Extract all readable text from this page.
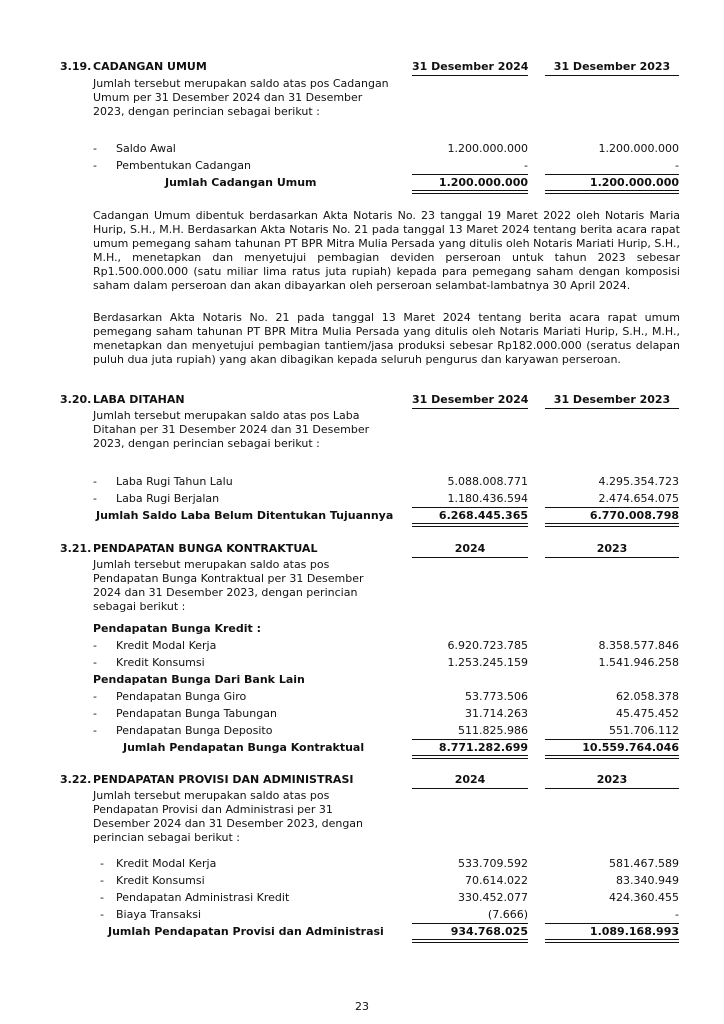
3.19. CADANGAN UMUM	31 Desember 2024	31 Desember 2023
Jumlah tersebut merupakan saldo atas pos Cadangan Umum per 31 Desember 2024 dan 31 Desember 2023, dengan perincian sebagai berikut :
- Saldo Awal	1.200.000.000	1.200.000.000
- Pembentukan Cadangan	-	-
Jumlah Cadangan Umum	1.200.000.000	1.200.000.000
Cadangan Umum dibentuk berdasarkan Akta Notaris No. 23 tanggal 19 Maret 2022 oleh Notaris Maria Hurip, S.H., M.H. Berdasarkan Akta Notaris No. 21 pada tanggal 13 Maret 2024 tentang berita acara rapat umum pemegang saham tahunan PT BPR Mitra Mulia Persada yang ditulis oleh Notaris Mariati Hurip, S.H., M.H., menetapkan dan menyetujui pembagian deviden perseroan untuk tahun 2023 sebesar Rp1.500.000.000 (satu miliar lima ratus juta rupiah) kepada para pemegang saham dengan komposisi saham dalam perseroan dan akan dibayarkan oleh perseroan selambat-lambatnya 30 April 2024.
Berdasarkan Akta Notaris No. 21 pada tanggal 13 Maret 2024 tentang berita acara rapat umum pemegang saham tahunan PT BPR Mitra Mulia Persada yang ditulis oleh Notaris Mariati Hurip, S.H., M.H., menetapkan dan menyetujui pembagian tantiem/jasa produksi sebesar Rp182.000.000 (seratus delapan puluh dua juta rupiah) yang akan dibagikan kepada seluruh pengurus dan karyawan perseroan.
3.20. LABA DITAHAN	31 Desember 2024	31 Desember 2023
Jumlah tersebut merupakan saldo atas pos Laba Ditahan per 31 Desember 2024 dan 31 Desember 2023, dengan perincian sebagai berikut :
- Laba Rugi Tahun Lalu	5.088.008.771	4.295.354.723
- Laba Rugi Berjalan	1.180.436.594	2.474.654.075
Jumlah Saldo Laba Belum Ditentukan Tujuannya	6.268.445.365	6.770.008.798
3.21. PENDAPATAN BUNGA KONTRAKTUAL	2024	2023
Jumlah tersebut merupakan saldo atas pos Pendapatan Bunga Kontraktual per 31 Desember 2024 dan 31 Desember 2023, dengan perincian sebagai berikut :
Pendapatan Bunga Kredit :
- Kredit Modal Kerja	6.920.723.785	8.358.577.846
- Kredit Konsumsi	1.253.245.159	1.541.946.258
Pendapatan Bunga Dari Bank Lain
- Pendapatan Bunga Giro	53.773.506	62.058.378
- Pendapatan Bunga Tabungan	31.714.263	45.475.452
- Pendapatan Bunga Deposito	511.825.986	551.706.112
Jumlah Pendapatan Bunga Kontraktual	8.771.282.699	10.559.764.046
3.22. PENDAPATAN PROVISI DAN ADMINISTRASI	2024	2023
Jumlah tersebut merupakan saldo atas pos Pendapatan Provisi dan Administrasi per 31 Desember 2024 dan 31 Desember 2023, dengan perincian sebagai berikut :
- Kredit Modal Kerja	533.709.592	581.467.589
- Kredit Konsumsi	70.614.022	83.340.949
- Pendapatan Administrasi Kredit	330.452.077	424.360.455
- Biaya Transaksi	(7.666)	-
Jumlah Pendapatan Provisi dan Administrasi	934.768.025	1.089.168.993
23
